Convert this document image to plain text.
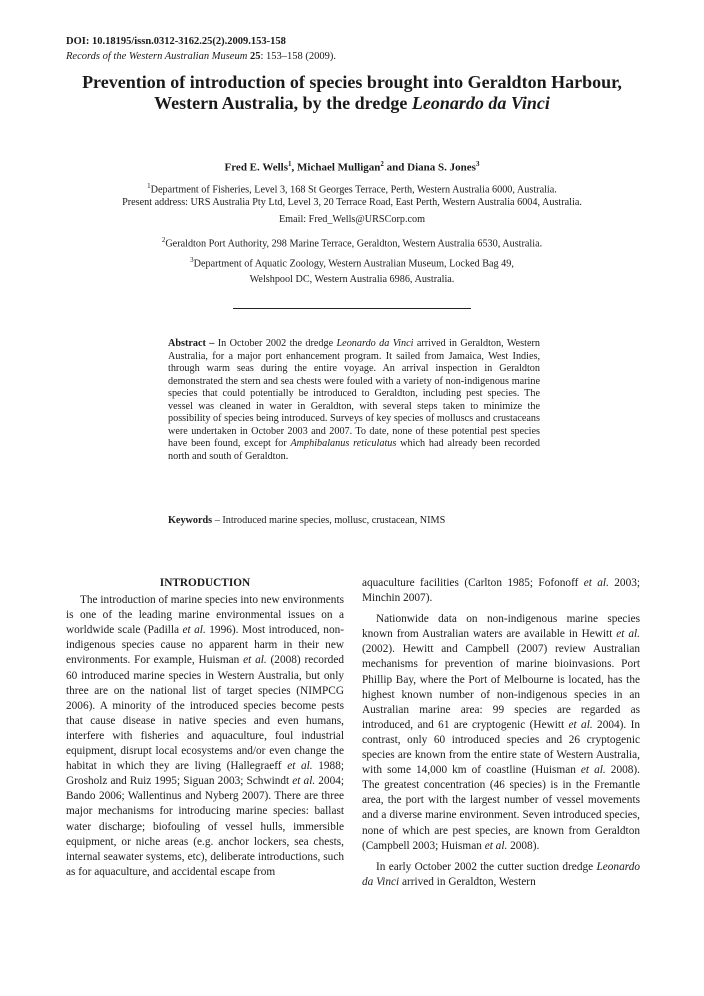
DOI: 10.18195/issn.0312-3162.25(2).2009.153-158
Records of the Western Australian Museum 25: 153–158 (2009).
Prevention of introduction of species brought into Geraldton Harbour,
Western Australia, by the dredge Leonardo da Vinci
Fred E. Wells$^1$, Michael Mulligan$^2$ and Diana S. Jones$^3$
$^1$Department of Fisheries, Level 3, 168 St Georges Terrace, Perth, Western Australia 6000, Australia.
Present address: URS Australia Pty Ltd, Level 3, 20 Terrace Road, East Perth, Western Australia 6004, Australia.
Email: Fred_Wells@URSCorp.com
$^2$Geraldton Port Authority, 298 Marine Terrace, Geraldton, Western Australia 6530, Australia.
$^3$Department of Aquatic Zoology, Western Australian Museum, Locked Bag 49,
Welshpool DC, Western Australia 6986, Australia.
Abstract – In October 2002 the dredge Leonardo da Vinci arrived in Geraldton, Western Australia, for a major port enhancement program. It sailed from Jamaica, West Indies, through warm seas during the entire voyage. An arrival inspection in Geraldton demonstrated the stern and sea chests were fouled with a variety of non-indigenous marine species that could potentially be introduced to Geraldton, including pest species. The vessel was cleaned in water in Geraldton, with several steps taken to minimize the possibility of species being introduced. Surveys of key species of molluscs and crustaceans were undertaken in October 2003 and 2007. To date, none of these potential pest species have been found, except for Amphibalanus reticulatus which had already been recorded north and south of Geraldton.
Keywords – Introduced marine species, mollusc, crustacean, NIMS
INTRODUCTION

The introduction of marine species into new environments is one of the leading marine environmental issues on a worldwide scale (Padilla et al. 1996). Most introduced, non-indigenous species cause no apparent harm in their new environments. For example, Huisman et al. (2008) recorded 60 introduced marine species in Western Australia, but only three are on the national list of target species (NIMPCG 2006). A minority of the introduced species become pests that cause disease in native species and even humans, interfere with fisheries and aquaculture, foul industrial equipment, disrupt local ecosystems and/or even change the habitat in which they are living (Hallegraeff et al. 1988; Grosholz and Ruiz 1995; Siguan 2003; Schwindt et al. 2004; Bando 2006; Wallentinus and Nyberg 2007). There are three major mechanisms for introducing marine species: ballast water discharge; biofouling of vessel hulls, immersible equipment, or niche areas (e.g. anchor lockers, sea chests, internal seawater systems, etc), deliberate introductions, such as for aquaculture, and accidental escape from

aquaculture facilities (Carlton 1985; Fofonoff et al. 2003; Minchin 2007).

Nationwide data on non-indigenous marine species known from Australian waters are available in Hewitt et al. (2002). Hewitt and Campbell (2007) review Australian mechanisms for prevention of marine bioinvasions. Port Phillip Bay, where the Port of Melbourne is located, has the highest known number of non-indigenous species in an Australian marine area: 99 species are regarded as introduced, and 61 are cryptogenic (Hewitt et al. 2004). In contrast, only 60 introduced species and 26 cryptogenic species are known from the entire state of Western Australia, with some 14,000 km of coastline (Huisman et al. 2008). The greatest concentration (46 species) is in the Fremantle area, the port with the largest number of vessel movements and a diverse marine environment. Seven introduced species, none of which are pest species, are known from Geraldton (Campbell 2003; Huisman et al. 2008).

In early October 2002 the cutter suction dredge Leonardo da Vinci arrived in Geraldton, Western
